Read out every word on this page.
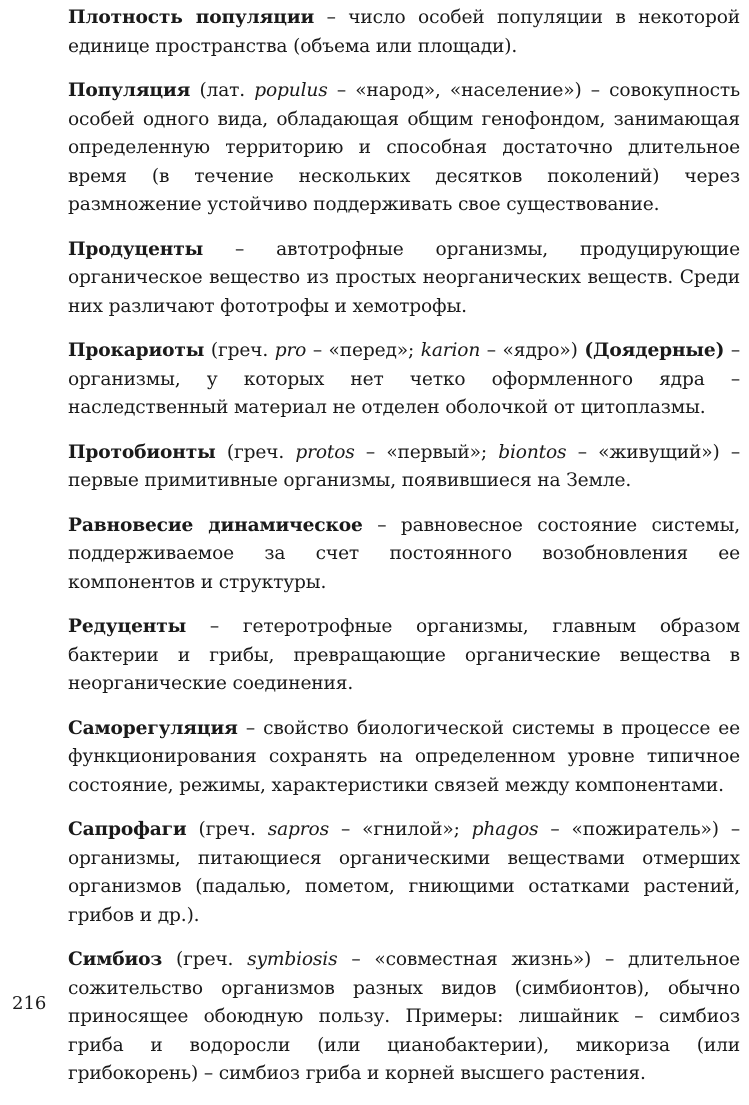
Плотность популяции – число особей популяции в некоторой единице пространства (объема или площади).

Популяция (лат. populus – «народ», «население») – совокупность особей одного вида, обладающая общим генофондом, занимающая определенную территорию и способная достаточно длительное время (в течение нескольких десятков поколений) через размножение устойчиво поддерживать свое существование.

Продуценты – автотрофные организмы, продуцирующие органическое вещество из простых неорганических веществ. Среди них различают фототрофы и хемотрофы.

Прокариоты (греч. pro – «перед»; karion – «ядро») (Доядерные) – организмы, у которых нет четко оформленного ядра – наследственный материал не отделен оболочкой от цитоплазмы.

Протобионты (греч. protos – «первый»; biontos – «живущий») – первые примитивные организмы, появившиеся на Земле.

Равновесие динамическое – равновесное состояние системы, поддерживаемое за счет постоянного возобновления ее компонентов и структуры.

Редуценты – гетеротрофные организмы, главным образом бактерии и грибы, превращающие органические вещества в неорганические соединения.

Саморегуляция – свойство биологической системы в процессе ее функционирования сохранять на определенном уровне типичное состояние, режимы, характеристики связей между компонентами.

Сапрофаги (греч. sapros – «гнилой»; phagos – «пожиратель») – организмы, питающиеся органическими веществами отмерших организмов (падалью, пометом, гниющими остатками растений, грибов и др.).

Симбиоз (греч. symbiosis – «совместная жизнь») – длительное сожительство организмов разных видов (симбионтов), обычно приносящее обоюдную пользу. Примеры: лишайник – симбиоз гриба и водоросли (или цианобактерии), микориза (или грибокорень) – симбиоз гриба и корней высшего растения.

216
